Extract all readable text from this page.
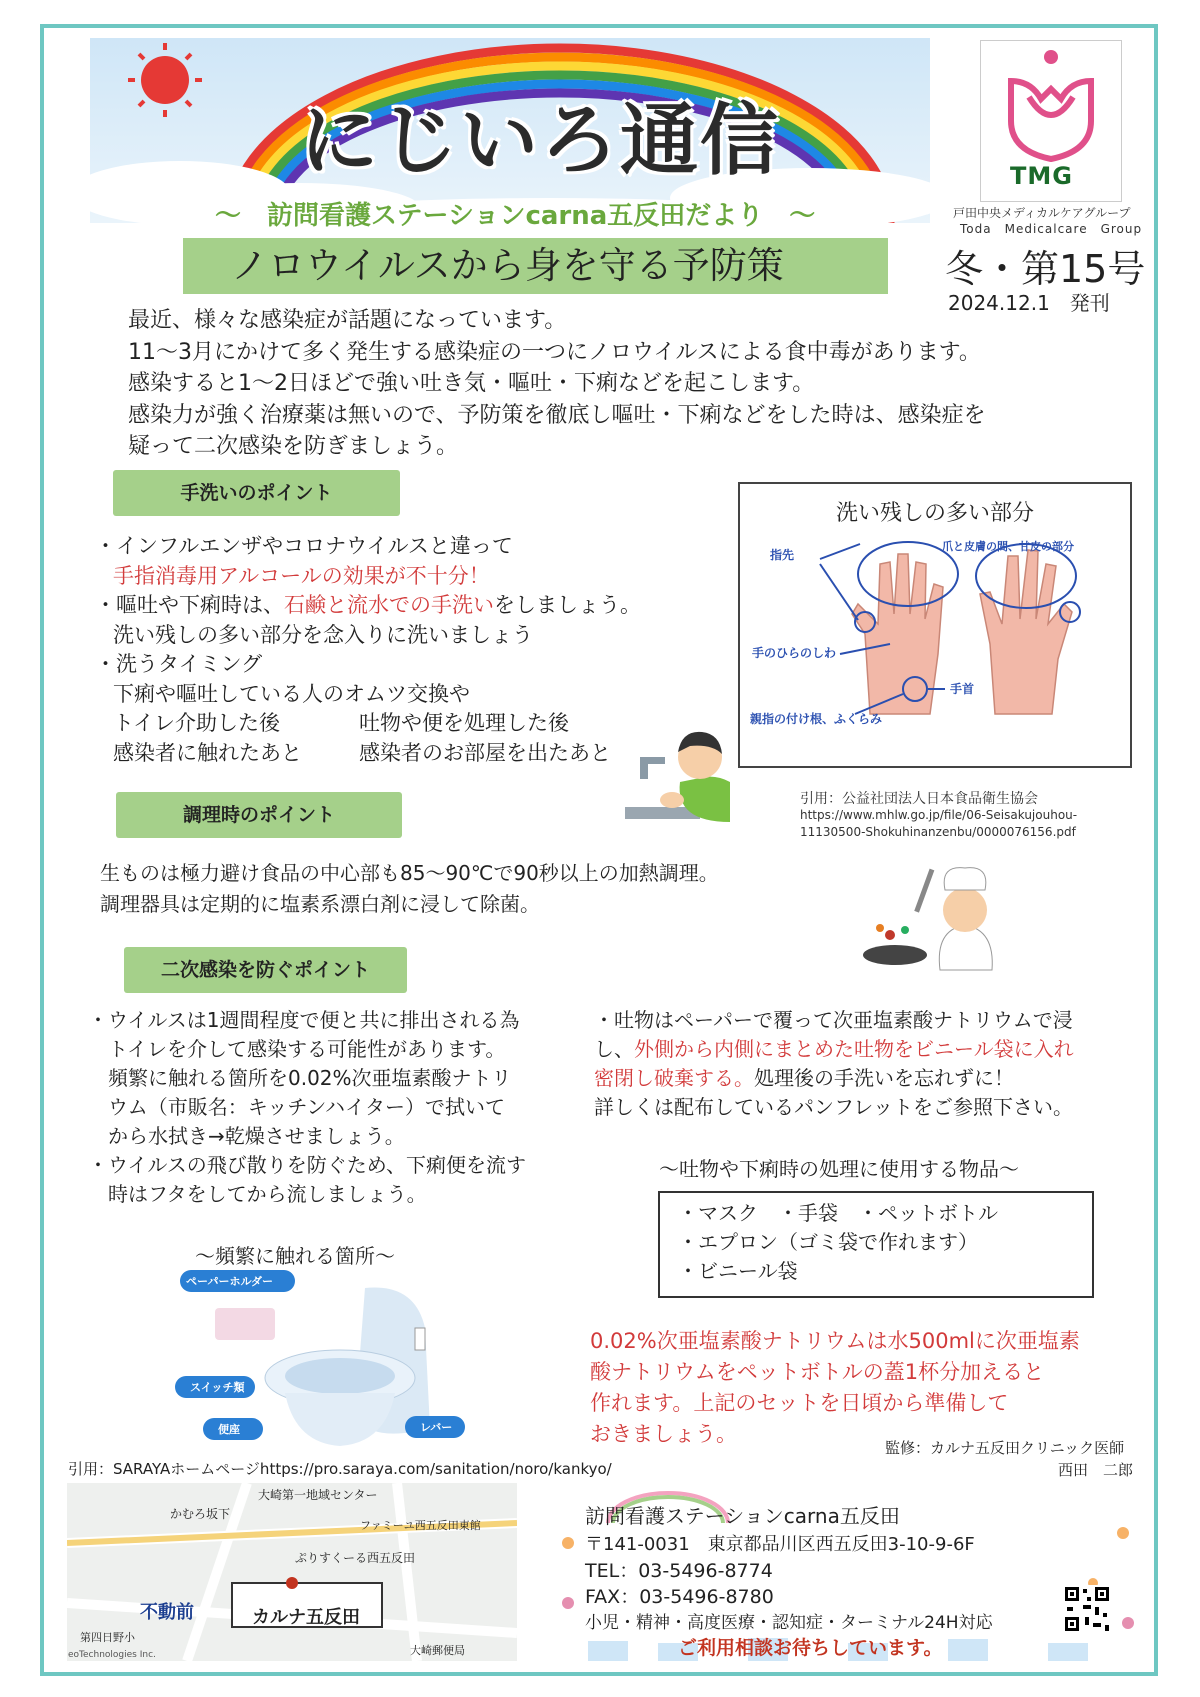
にじいろ通信
～　訪問看護ステーションcarna五反田だより　～
ノロウイルスから身を守る予防策
TMG
戸田中央メディカルケアグループ
Toda　Medicalcare　Group
冬・第15号
2024.12.1　発刊

最近、様々な感染症が話題になっています。

11～3月にかけて多く発生する感染症の一つにノロウイルスによる食中毒があります。

感染すると1～2日ほどで強い吐き気・嘔吐・下痢などを起こします。

感染力が強く治療薬は無いので、予防策を徹底し嘔吐・下痢などをした時は、感染症を

疑って二次感染を防ぎましょう。

手洗いのポイント
・インフルエンザやコロナウイルスと違って
手指消毒用アルコールの効果が不十分！
・嘔吐や下痢時は、石鹸と流水での手洗いをしましょう。
洗い残しの多い部分を念入りに洗いましょう
・洗うタイミング
下痢や嘔吐している人のオムツ交換や
トイレ介助した後	吐物や便を処理した後
感染者に触れたあと	感染者のお部屋を出たあと
洗い残しの多い部分
爪と皮膚の間、甘皮の部分
指先
手のひらのしわ
手首
親指の付け根、ふくらみ
引用：公益社団法人日本食品衛生協会
https://www.mhlw.go.jp/file/06-Seisakujouhou-
11130500-Shokuhinanzenbu/0000076156.pdf
調理時のポイント
生ものは極力避け食品の中心部も85～90℃で90秒以上の加熱調理。
調理器具は定期的に塩素系漂白剤に浸して除菌。
二次感染を防ぐポイント
・ウイルスは1週間程度で便と共に排出される為
　トイレを介して感染する可能性があります。
　頻繁に触れる箇所を0.02%次亜塩素酸ナトリ
　ウム（市販名：キッチンハイター）で拭いて
　から水拭き→乾燥させましょう。
・ウイルスの飛び散りを防ぐため、下痢便を流す
　時はフタをしてから流しましょう。
・吐物はペーパーで覆って次亜塩素酸ナトリウムで浸
し、外側から内側にまとめた吐物をビニール袋に入れ
密閉し破棄する。処理後の手洗いを忘れずに！
詳しくは配布しているパンフレットをご参照下さい。
～吐物や下痢時の処理に使用する物品～
・マスク　・手袋　・ペットボトル
・エプロン（ゴミ袋で作れます）
・ビニール袋
0.02%次亜塩素酸ナトリウムは水500mlに次亜塩素
酸ナトリウムをペットボトルの蓋1杯分加えると
作れます。上記のセットを日頃から準備して
おきましょう。
～頻繁に触れる箇所～
ペーパーホルダー
スイッチ類
便座	レバー
監修：カルナ五反田クリニック医師
西田　二郎
引用：SARAYAホームページhttps://pro.saraya.com/sanitation/noro/kankyo/
大崎第一地域センター
かむろ坂下
ファミーユ西五反田東館
ぷりすくーる西五反田
カルナ五反田
不動前
第四日野小
大崎郵便局
eoTechnologies Inc.
訪問看護ステーションcarna五反田
〒141-0031　東京都品川区西五反田3-10-9-6F
TEL：03-5496-8774
FAX：03-5496-8780
小児・精神・高度医療・認知症・ターミナル24H対応
ご利用相談お待ちしています。
